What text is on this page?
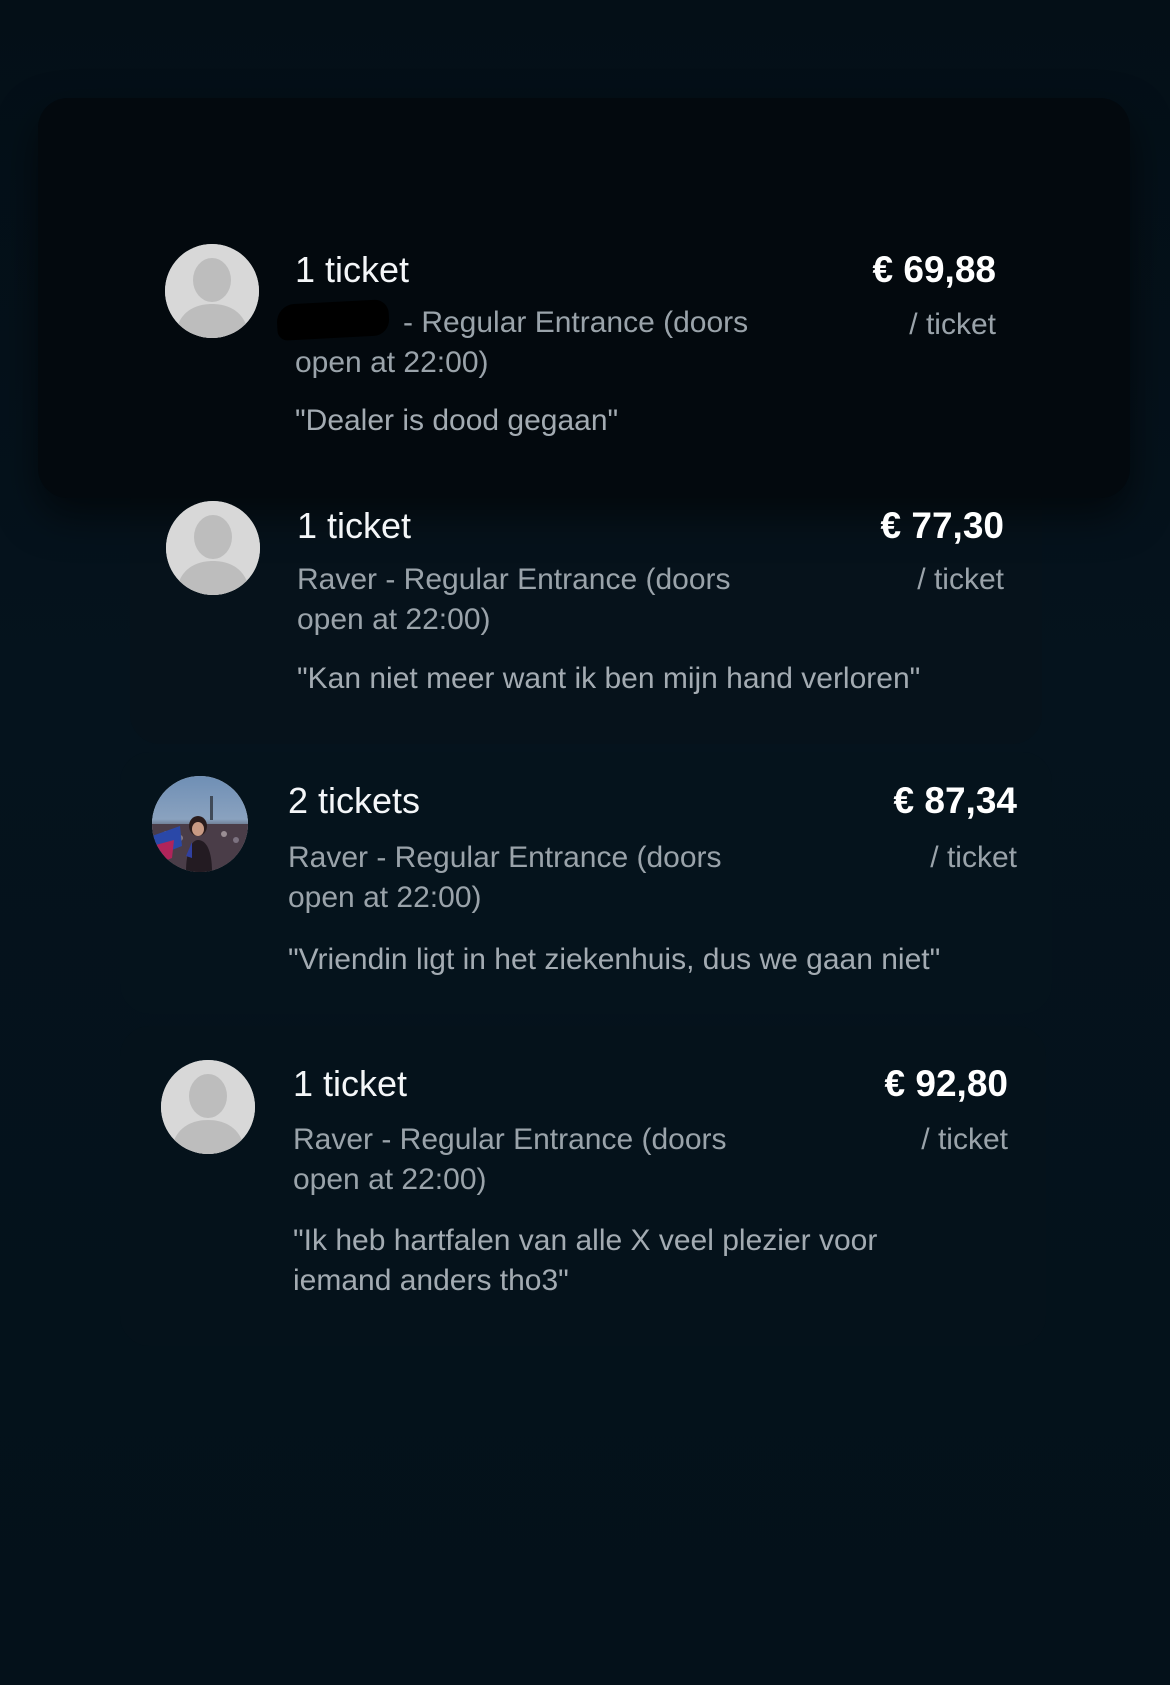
1 ticket
- Regular Entrance (doors open at 22:00)
"Dealer is dood gegaan"
€ 69,88
/ ticket
1 ticket
Raver - Regular Entrance (doors open at 22:00)
"Kan niet meer want ik ben mijn hand verloren"
€ 77,30
/ ticket
2 tickets
Raver - Regular Entrance (doors open at 22:00)
"Vriendin ligt in het ziekenhuis, dus we gaan niet"
€ 87,34
/ ticket
1 ticket
Raver - Regular Entrance (doors open at 22:00)
"Ik heb hartfalen van alle X veel plezier voor iemand anders tho3"
€ 92,80
/ ticket
